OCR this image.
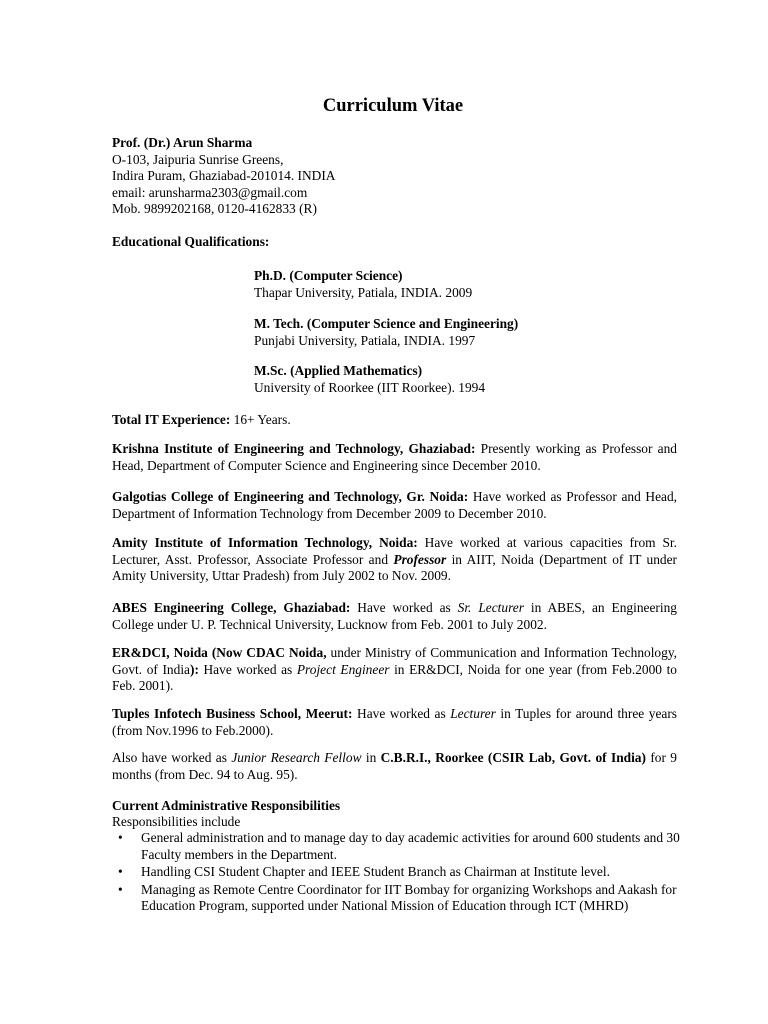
Curriculum Vitae
Prof. (Dr.) Arun Sharma
O-103, Jaipuria Sunrise Greens,
Indira Puram, Ghaziabad-201014. INDIA
email: arunsharma2303@gmail.com
Mob. 9899202168, 0120-4162833 (R)
Educational Qualifications:
Ph.D. (Computer Science)
Thapar University, Patiala, INDIA. 2009
M. Tech. (Computer Science and Engineering)
Punjabi University, Patiala, INDIA. 1997
M.Sc. (Applied Mathematics)
University of Roorkee (IIT Roorkee). 1994
Total IT Experience: 16+ Years.
Krishna Institute of Engineering and Technology, Ghaziabad: Presently working as Professor and Head, Department of Computer Science and Engineering since December 2010.
Galgotias College of Engineering and Technology, Gr. Noida: Have worked as Professor and Head, Department of Information Technology from December 2009 to December 2010.
Amity Institute of Information Technology, Noida: Have worked at various capacities from Sr. Lecturer, Asst. Professor, Associate Professor and Professor in AIIT, Noida (Department of IT under Amity University, Uttar Pradesh) from July 2002 to Nov. 2009.
ABES Engineering College, Ghaziabad: Have worked as Sr. Lecturer in ABES, an Engineering College under U. P. Technical University, Lucknow from Feb. 2001 to July 2002.
ER&DCI, Noida (Now CDAC Noida, under Ministry of Communication and Information Technology, Govt. of India): Have worked as Project Engineer in ER&DCI, Noida for one year (from Feb.2000 to Feb. 2001).
Tuples Infotech Business School, Meerut: Have worked as Lecturer in Tuples for around three years (from Nov.1996 to Feb.2000).
Also have worked as Junior Research Fellow in C.B.R.I., Roorkee (CSIR Lab, Govt. of India) for 9 months (from Dec. 94 to Aug. 95).
Current Administrative Responsibilities
Responsibilities include
• General administration and to manage day to day academic activities for around 600 students and 30 Faculty members in the Department.
• Handling CSI Student Chapter and IEEE Student Branch as Chairman at Institute level.
• Managing as Remote Centre Coordinator for IIT Bombay for organizing Workshops and Aakash for Education Program, supported under National Mission of Education through ICT (MHRD)
